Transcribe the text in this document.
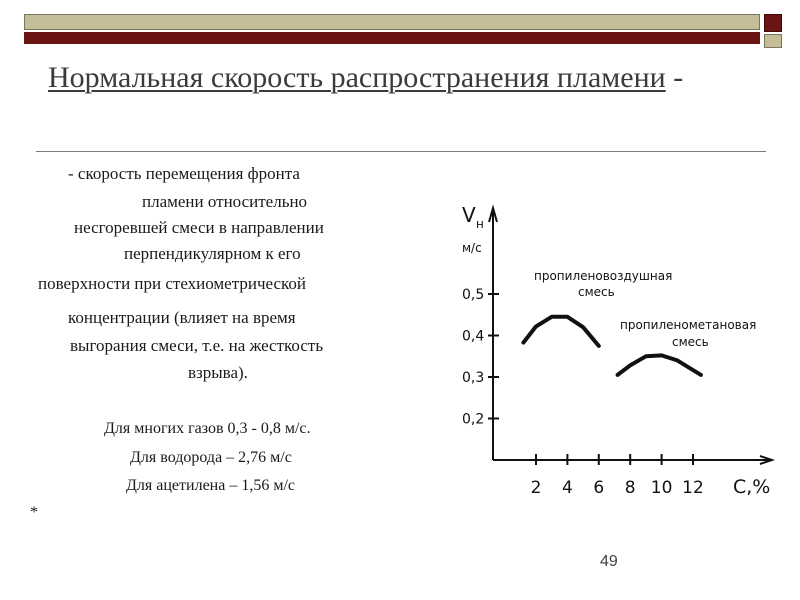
Нормальная скорость распространения пламени -
- скорость перемещения фронта
пламени относительно
несгоревшей смеси в направлении
перпендикулярном к его
поверхности при стехиометрической
концентрации (влияет на время
выгорания смеси, т.е. на жесткость
взрыва).
Для многих газов 0,3 - 0,8 м/с.
Для водорода – 2,76 м/с
Для ацетилена – 1,56 м/с
*
49
V н
м/с
0,5
0,4
0,3
0,2
2 4 6 8 10 12 C,%
пропиленовоздушная
смесь
пропиленометановая
смесь
